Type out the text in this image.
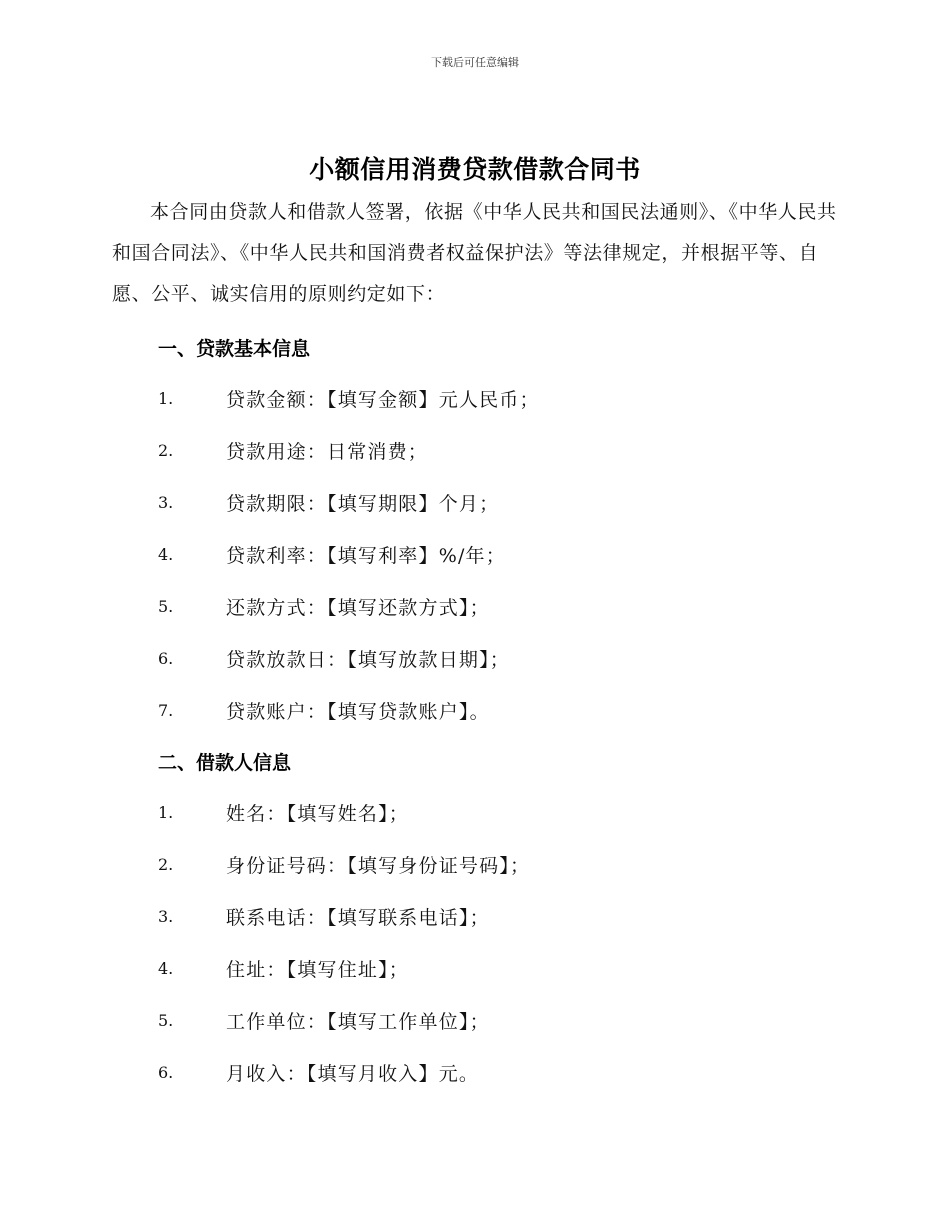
下载后可任意编辑
小额信用消费贷款借款合同书

本合同由贷款人和借款人签署，依据《中华人民共和国民法通则》、《中华人民共和国合同法》、《中华人民共和国消费者权益保护法》等法律规定，并根据平等、自愿、公平、诚实信用的原则约定如下：

一、贷款基本信息
1.	贷款金额：【填写金额】元人民币；
2.	贷款用途：日常消费；
3.	贷款期限：【填写期限】个月；
4.	贷款利率：【填写利率】%/年；
5.	还款方式：【填写还款方式】；
6.	贷款放款日：【填写放款日期】；
7.	贷款账户：【填写贷款账户】。
二、借款人信息
1.	姓名：【填写姓名】；
2.	身份证号码：【填写身份证号码】；
3.	联系电话：【填写联系电话】；
4.	住址：【填写住址】；
5.	工作单位：【填写工作单位】；
6.	月收入：【填写月收入】元。
